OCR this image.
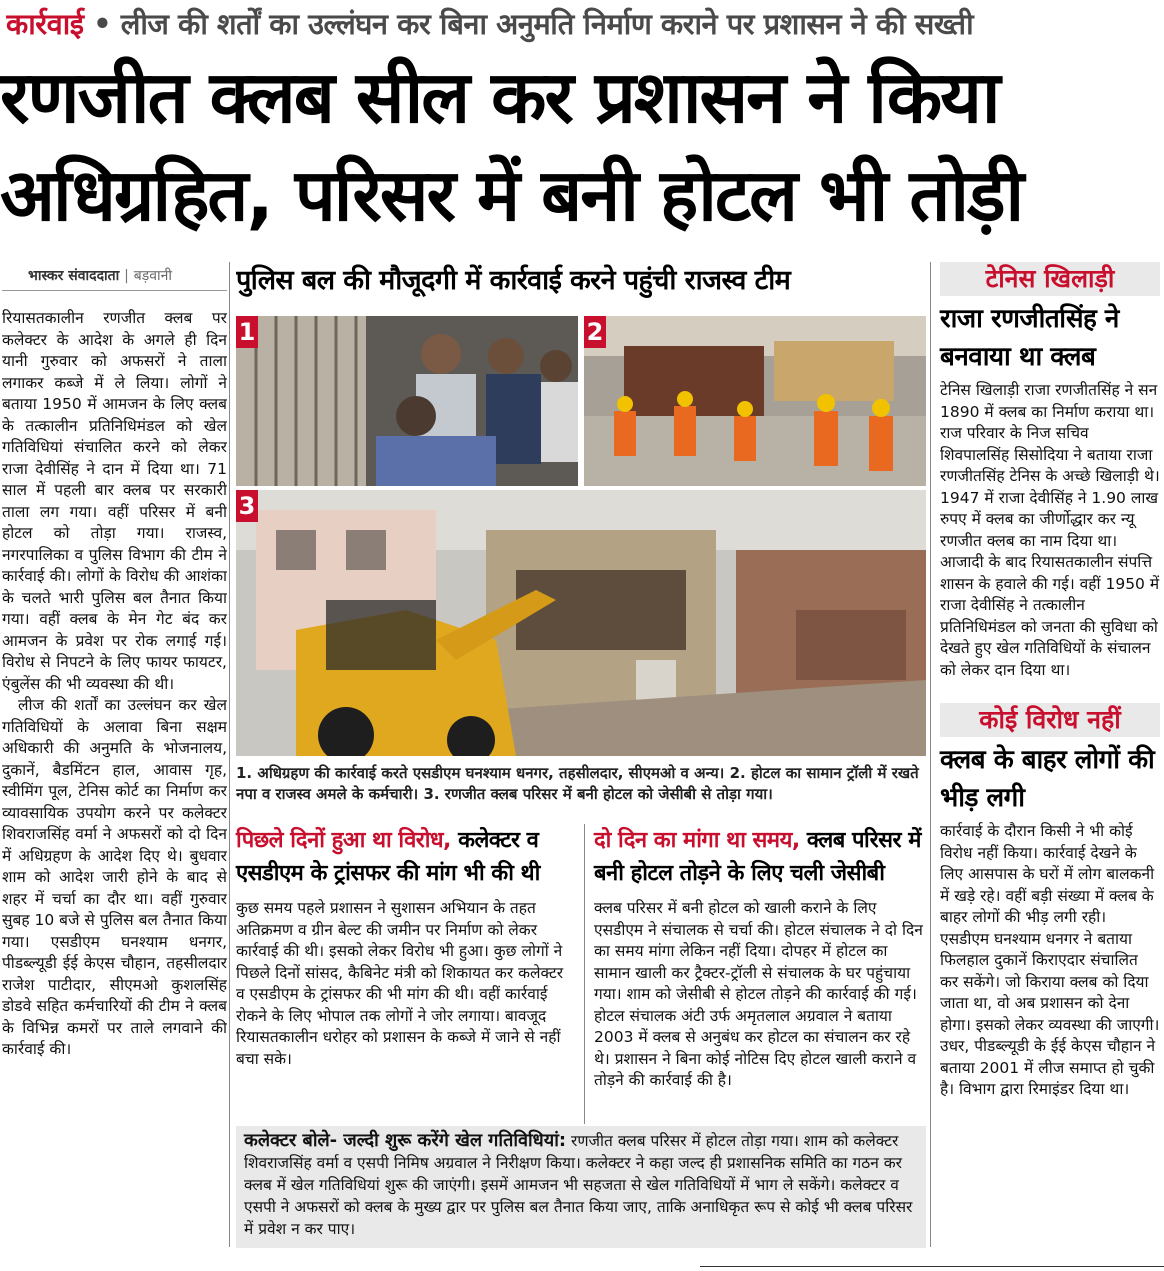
कार्रवाई • लीज की शर्तों का उल्लंघन कर बिना अनुमति निर्माण कराने पर प्रशासन ने की सख्ती
रणजीत क्लब सील कर प्रशासन ने किया
अधिग्रहित, परिसर में बनी होटल भी तोड़ी
भास्कर संवाददाता | बड़वानी

रियासतकालीन रणजीत क्लब पर कलेक्टर के आदेश के अगले ही दिन यानी गुरुवार को अफसरों ने ताला लगाकर कब्जे में ले लिया। लोगों ने बताया 1950 में आमजन के लिए क्लब के तत्कालीन प्रतिनिधिमंडल को खेल गतिविधियां संचालित करने को लेकर राजा देवीसिंह ने दान में दिया था। 71 साल में पहली बार क्लब पर सरकारी ताला लग गया। वहीं परिसर में बनी होटल को तोड़ा गया। राजस्व, नगरपालिका व पुलिस विभाग की टीम ने कार्रवाई की। लोगों के विरोध की आशंका के चलते भारी पुलिस बल तैनात किया गया। वहीं क्लब के मेन गेट बंद कर आमजन के प्रवेश पर रोक लगाई गई। विरोध से निपटने के लिए फायर फायटर, एंबुलेंस की भी व्यवस्था की थी।

लीज की शर्तों का उल्लंघन कर खेल गतिविधियों के अलावा बिना सक्षम अधिकारी की अनुमति के भोजनालय, दुकानें, बैडमिंटन हाल, आवास गृह, स्वीमिंग पूल, टेनिस कोर्ट का निर्माण कर व्यावसायिक उपयोग करने पर कलेक्टर शिवराजसिंह वर्मा ने अफसरों को दो दिन में अधिग्रहण के आदेश दिए थे। बुधवार शाम को आदेश जारी होने के बाद से शहर में चर्चा का दौर था। वहीं गुरुवार सुबह 10 बजे से पुलिस बल तैनात किया गया। एसडीएम घनश्याम धनगर, पीडब्ल्यूडी ईई केएस चौहान, तहसीलदार राजेश पाटीदार, सीएमओ कुशलसिंह डोडवे सहित कर्मचारियों की टीम ने क्लब के विभिन्न कमरों पर ताले लगवाने की कार्रवाई की।

पुलिस बल की मौजूदगी में कार्रवाई करने पहुंची राजस्व टीम
1	2
3
1. अधिग्रहण की कार्रवाई करते एसडीएम घनश्याम धनगर, तहसीलदार, सीएमओ व अन्य। 2. होटल का सामान ट्रॉली में रखते नपा व राजस्व अमले के कर्मचारी। 3. रणजीत क्लब परिसर में बनी होटल को जेसीबी से तोड़ा गया।
पिछले दिनों हुआ था विरोध, कलेक्टर व एसडीएम के ट्रांसफर की मांग भी की थी
कुछ समय पहले प्रशासन ने सुशासन अभियान के तहत अतिक्रमण व ग्रीन बेल्ट की जमीन पर निर्माण को लेकर कार्रवाई की थी। इसको लेकर विरोध भी हुआ। कुछ लोगों ने पिछले दिनों सांसद, कैबिनेट मंत्री को शिकायत कर कलेक्टर व एसडीएम के ट्रांसफर की भी मांग की थी। वहीं कार्रवाई रोकने के लिए भोपाल तक लोगों ने जोर लगाया। बावजूद रियासतकालीन धरोहर को प्रशासन के कब्जे में जाने से नहीं बचा सके।
दो दिन का मांगा था समय, क्लब परिसर में बनी होटल तोड़ने के लिए चली जेसीबी
क्लब परिसर में बनी होटल को खाली कराने के लिए एसडीएम ने संचालक से चर्चा की। होटल संचालक ने दो दिन का समय मांगा लेकिन नहीं दिया। दोपहर में होटल का सामान खाली कर ट्रैक्टर-ट्रॉली से संचालक के घर पहुंचाया गया। शाम को जेसीबी से होटल तोड़ने की कार्रवाई की गई। होटल संचालक अंटी उर्फ अमृतलाल अग्रवाल ने बताया 2003 में क्लब से अनुबंध कर होटल का संचालन कर रहे थे। प्रशासन ने बिना कोई नोटिस दिए होटल खाली कराने व तोड़ने की कार्रवाई की है।
कलेक्टर बोले- जल्दी शुरू करेंगे खेल गतिविधियां: रणजीत क्लब परिसर में होटल तोड़ा गया। शाम को कलेक्टर शिवराजसिंह वर्मा व एसपी निमिष अग्रवाल ने निरीक्षण किया। कलेक्टर ने कहा जल्द ही प्रशासनिक समिति का गठन कर क्लब में खेल गतिविधियां शुरू की जाएंगी। इसमें आमजन भी सहजता से खेल गतिविधियों में भाग ले सकेंगे। कलेक्टर व एसपी ने अफसरों को क्लब के मुख्य द्वार पर पुलिस बल तैनात किया जाए, ताकि अनाधिकृत रूप से कोई भी क्लब परिसर में प्रवेश न कर पाए।
टेनिस खिलाड़ी
राजा रणजीतसिंह ने बनवाया था क्लब
टेनिस खिलाड़ी राजा रणजीतसिंह ने सन 1890 में क्लब का निर्माण कराया था। राज परिवार के निज सचिव शिवपालसिंह सिसोदिया ने बताया राजा रणजीतसिंह टेनिस के अच्छे खिलाड़ी थे। 1947 में राजा देवीसिंह ने 1.90 लाख रुपए में क्लब का जीर्णोद्धार कर न्यू रणजीत क्लब का नाम दिया था। आजादी के बाद रियासतकालीन संपत्ति शासन के हवाले की गई। वहीं 1950 में राजा देवीसिंह ने तत्कालीन प्रतिनिधिमंडल को जनता की सुविधा को देखते हुए खेल गतिविधियों के संचालन को लेकर दान दिया था।
कोई विरोध नहीं
क्लब के बाहर लोगों की भीड़ लगी
कार्रवाई के दौरान किसी ने भी कोई विरोध नहीं किया। कार्रवाई देखने के लिए आसपास के घरों में लोग बालकनी में खड़े रहे। वहीं बड़ी संख्या में क्लब के बाहर लोगों की भीड़ लगी रही। एसडीएम घनश्याम धनगर ने बताया फिलहाल दुकानें किराएदार संचालित कर सकेंगे। जो किराया क्लब को दिया जाता था, वो अब प्रशासन को देना होगा। इसको लेकर व्यवस्था की जाएगी। उधर, पीडब्ल्यूडी के ईई केएस चौहान ने बताया 2001 में लीज समाप्त हो चुकी है। विभाग द्वारा रिमाइंडर दिया था।
